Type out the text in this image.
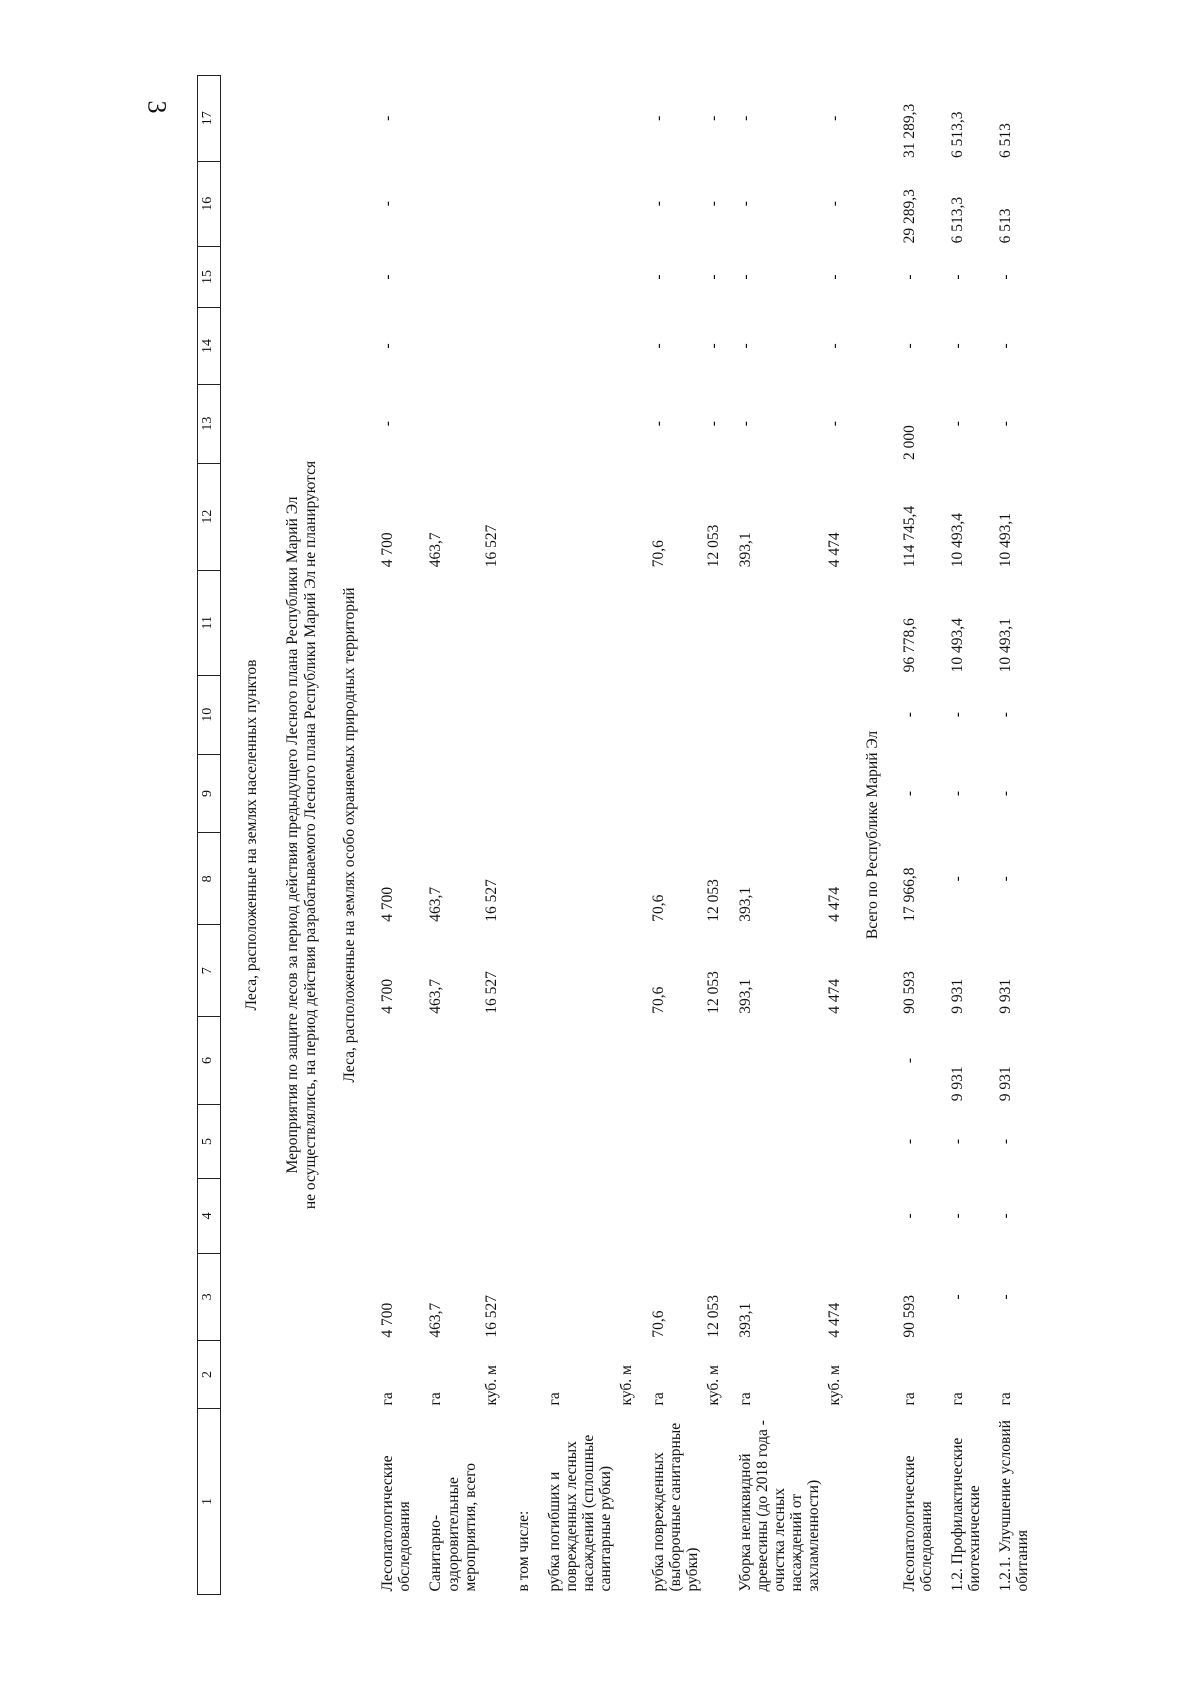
3
1	2	3	4	5	6	7	8	9	10	11	12	13	14	15	16	17
Леса, расположенные на землях населенных пунктов																

Мероприятия по защите лесов за период действия предыдущего Лесного плана Республики Марий Эл не осуществлялись, на период действия разрабатываемого Лесного плана Республики Марий Эл не планируются																

Леса, расположенные на землях особо охраняемых природных территорий																
Лесопатологические обследования	га	4 700				4 700	4 700				4 700	-	-	-	-	-
Санитарно-оздоровительные мероприятия, всего	га	463,7				463,7	463,7				463,7					
	куб. м	16 527				16 527	16 527				16 527					
в том числе:																
рубка погибших и поврежденных лесных насаждений (сплошные санитарные рубки)	га															
	куб. м															
рубка поврежденных (выборочные санитарные рубки)	га	70,6				70,6	70,6				70,6	-	-	-	-	-
	куб. м	12 053				12 053	12 053				12 053	-	-	-	-	-
Уборка неликвидной древесины (до 2018 года - очистка лесных насаждений от захламленности)	га	393,1				393,1	393,1				393,1	-	-	-	-	-
	куб. м	4 474				4 474	4 474				4 474	-	-	-	-	-
Всего по Республике Марий Эл																
Лесопатологические обследования	га	90 593	-	-	-	90 593	17 966,8	-	-	96 778,6	114 745,4	2 000	-	-	29 289,3	31 289,3
1.2. Профилактические биотехнические	га	-	-	-	9 931	9 931	-	-	-	10 493,4	10 493,4	-	-	-	6 513,3	6 513,3
1.2.1. Улучшение условий обитания	га	-	-	-	9 931	9 931	-	-	-	10 493,1	10 493,1	-	-	-	6 513	6 513
